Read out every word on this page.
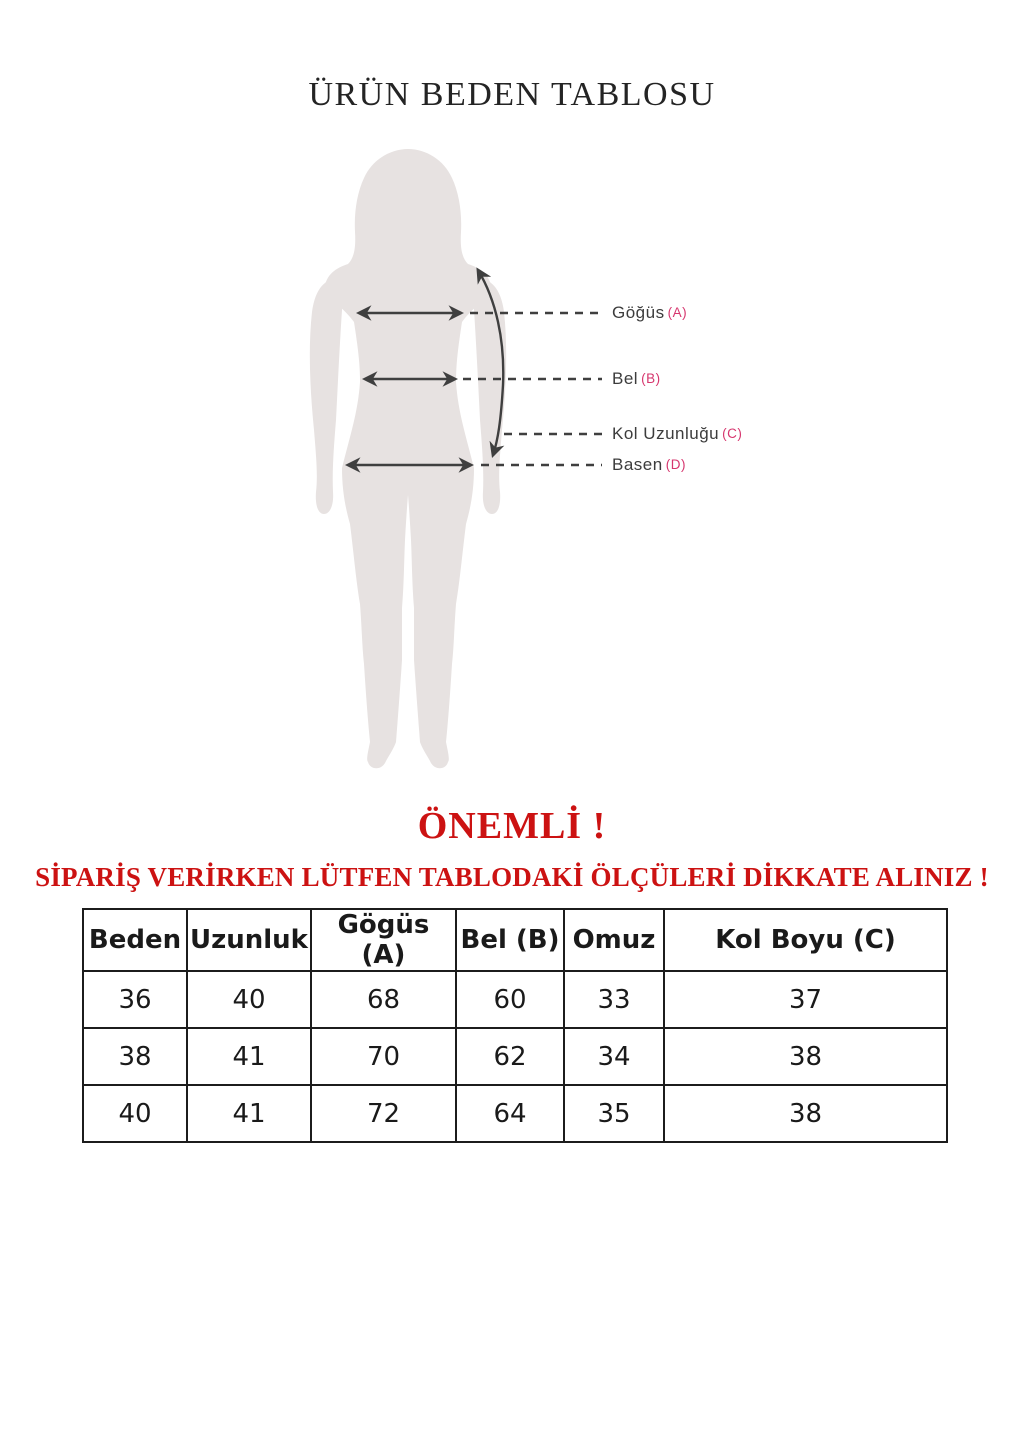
ÜRÜN BEDEN TABLOSU
Göğüs (A)
Bel (B)
Kol Uzunluğu (C)
Basen (D)
ÖNEMLİ !
SİPARİŞ VERİRKEN LÜTFEN TABLODAKİ ÖLÇÜLERİ DİKKATE ALINIZ !
Beden	Uzunluk	Gögüs (A)	Bel (B)	Omuz	Kol Boyu (C)
36	40	68	60	33	37
38	41	70	62	34	38
40	41	72	64	35	38
